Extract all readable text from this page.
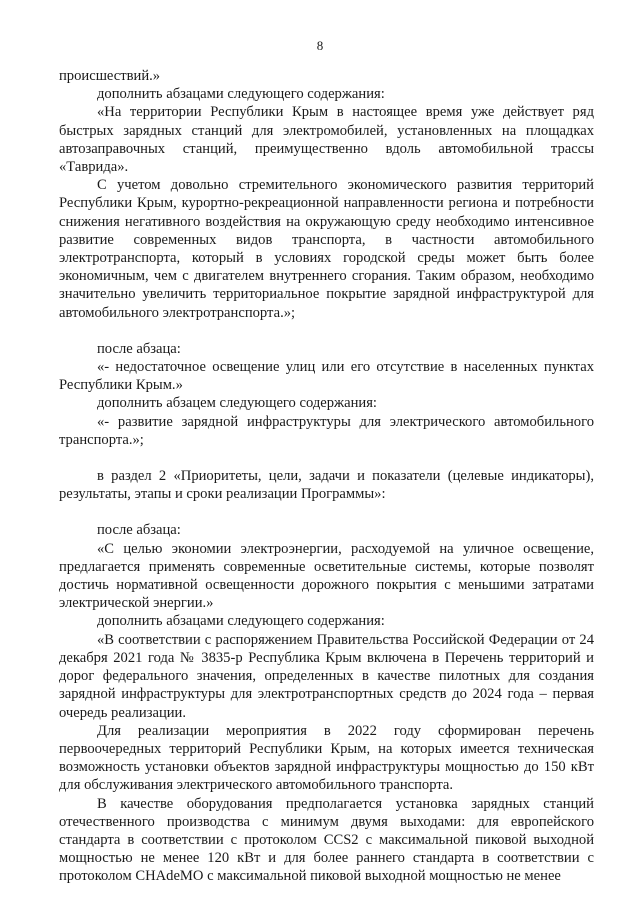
8

происшествий.»

дополнить абзацами следующего содержания:

«На территории Республики Крым в настоящее время уже действует ряд быстрых зарядных станций для электромобилей, установленных на площадках автозаправочных станций, преимущественно вдоль автомобильной трассы «Таврида».

С учетом довольно стремительного экономического развития территорий Республики Крым, курортно-рекреационной направленности региона и потребности снижения негативного воздействия на окружающую среду необходимо интенсивное развитие современных видов транспорта, в частности автомобильного электротранспорта, который в условиях городской среды может быть более экономичным, чем с двигателем внутреннего сгорания. Таким образом, необходимо значительно увеличить территориальное покрытие зарядной инфраструктурой для автомобильного электротранспорта.»;

после абзаца:

«- недостаточное освещение улиц или его отсутствие в населенных пунктах Республики Крым.»

дополнить абзацем следующего содержания:

«- развитие зарядной инфраструктуры для электрического автомобильного транспорта.»;

в раздел 2 «Приоритеты, цели, задачи и показатели (целевые индикаторы), результаты, этапы и сроки реализации Программы»:

после абзаца:

«С целью экономии электроэнергии, расходуемой на уличное освещение, предлагается применять современные осветительные системы, которые позволят достичь нормативной освещенности дорожного покрытия с меньшими затратами электрической энергии.»

дополнить абзацами следующего содержания:

«В соответствии с распоряжением Правительства Российской Федерации от 24 декабря 2021 года № 3835-р Республика Крым включена в Перечень территорий и дорог федерального значения, определенных в качестве пилотных для создания зарядной инфраструктуры для электротранспортных средств до 2024 года – первая очередь реализации.

Для реализации мероприятия в 2022 году сформирован перечень первоочередных территорий Республики Крым, на которых имеется техническая возможность установки объектов зарядной инфраструктуры мощностью до 150 кВт для обслуживания электрического автомобильного транспорта.

В качестве оборудования предполагается установка зарядных станций отечественного производства с минимум двумя выходами: для европейского стандарта в соответствии с протоколом CCS2 с максимальной пиковой выходной мощностью не менее 120 кВт и для более раннего стандарта в соответствии с протоколом CHAdeMO с максимальной пиковой выходной мощностью не менее
